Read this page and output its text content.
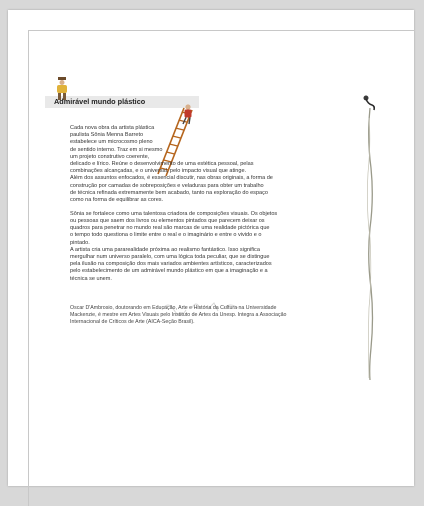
Admirável mundo plástico

Cada nova obra da artista plástica

paulista Sônia Menna Barreto

estabelece um microcosmo pleno

de sentido interno. Traz em si mesmo

um projeto construtivo coerente,

delicado e lírico. Reúne o desenvolvimento de uma estética pessoal, pelas

combinações alcançadas, e o universal, pelo impacto visual que atinge.

Além dos assuntos enfocados, é essencial discutir, nas obras originais, a forma de

construção por camadas de sobreposições e veladuras para obter um trabalho

de técnica refinada extremamente bem acabado, tanto na exploração do espaço

como na forma de equilibrar as cores.

Sônia se fortalece como uma talentosa criadora de composições visuais. Os objetos

ou pessoas que saem dos livros ou elementos pintados que parecem deixar os

quadros para penetrar no mundo real são marcas de uma realidade pictórica que

o tempo todo questiona o limite entre o real e o imaginário e entre o vivido e o

pintado.

A artista cria uma pararealidade próxima ao realismo fantástico. Isso significa

mergulhar num universo paralelo, com uma lógica toda peculiar, que se distingue

pela ilusão na composição dos mais variados ambientes artísticos, caracterizados

pelo estabelecimento de um admirável mundo plástico em que a imaginação e a

técnica se unem.

Oscar D'Ambrosio, doutorando em Educação, Arte e História da Cultura na Universidade
Mackenzie, é mestre em Artes Visuais pelo Instituto de Artes da Unesp. Integra a Associação
Internacional de Críticos de Arte (AICA-Seção Brasil).
